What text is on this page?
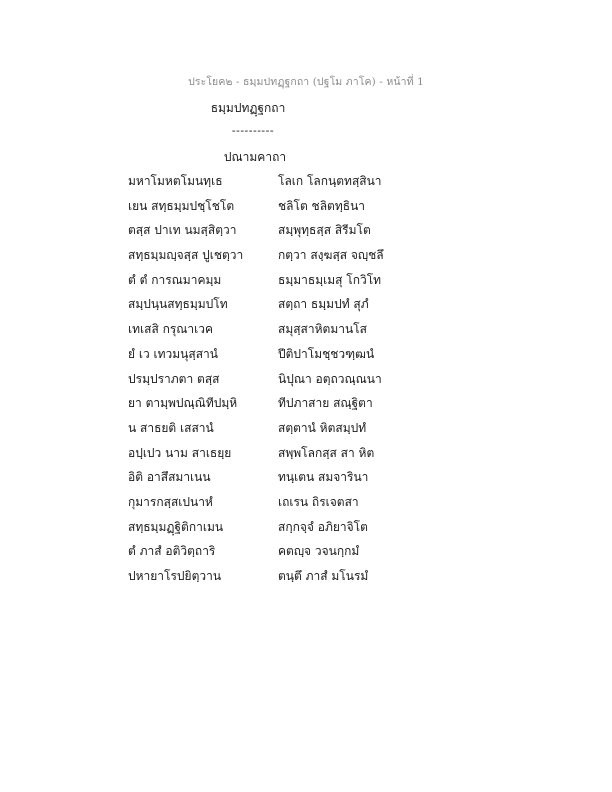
ประโยค๒ - ธมฺมปทฏฺฐกถา (ปฐโม ภาโค) - หน้าที่ 1
ธมฺมปทฏฺฐกถา
----------
ปณามคาถา
มหาโมหตโมนทฺเธ	โลเก โลกนฺตทสฺสินา
เยน สทฺธมฺมปชฺโชโต	ชลิโต ชลิตทฺธินา
ตสฺส ปาเท นมสฺสิตฺวา	สมฺพุทฺธสฺส สิรีมโต
สทฺธมฺมญฺจสฺส ปูเชตฺวา	กตฺวา สงฺฆสฺส จญฺชลึ
ตํ ตํ การณมาคมฺม	ธมฺมาธมฺเมสุ โกวิโท
สมฺปนฺนสทฺธมฺมปโท	สตฺถา ธมฺมปทํ สุภํ
เทเสสิ กรุณาเวค	สมุสฺสาหิตมานโส
ยํ เว เทวมนุสฺสานํ	ปีติปาโมชฺชวฑฺฒนํ
ปรมฺปราภตา ตสฺส	นิปุณา อตฺถวณฺณนา
ยา ตามฺพปณฺณิทีปมฺหิ	ทีปภาสาย สณฺฐิตา
น สาธยติ เสสานํ	สตฺตานํ หิตสมฺปทํ
อปฺเปว นาม สาเธยฺย	สพฺพโลกสฺส สา หิต
อิติ อาสึสมาเนน	ทนฺเตน สมจารินา
กุมารกสฺสเปนาหํ	เถเรน ถิรเจตสา
สทฺธมฺมฏฺฐิติกาเมน	สกฺกจฺจํ อภิยาจิโต
ตํ ภาสํ อติวิตฺถาริ	คตญฺจ วจนกฺกมํ
ปหายาโรปยิตฺวาน	ตนฺตึ ภาสํ มโนรมํ
